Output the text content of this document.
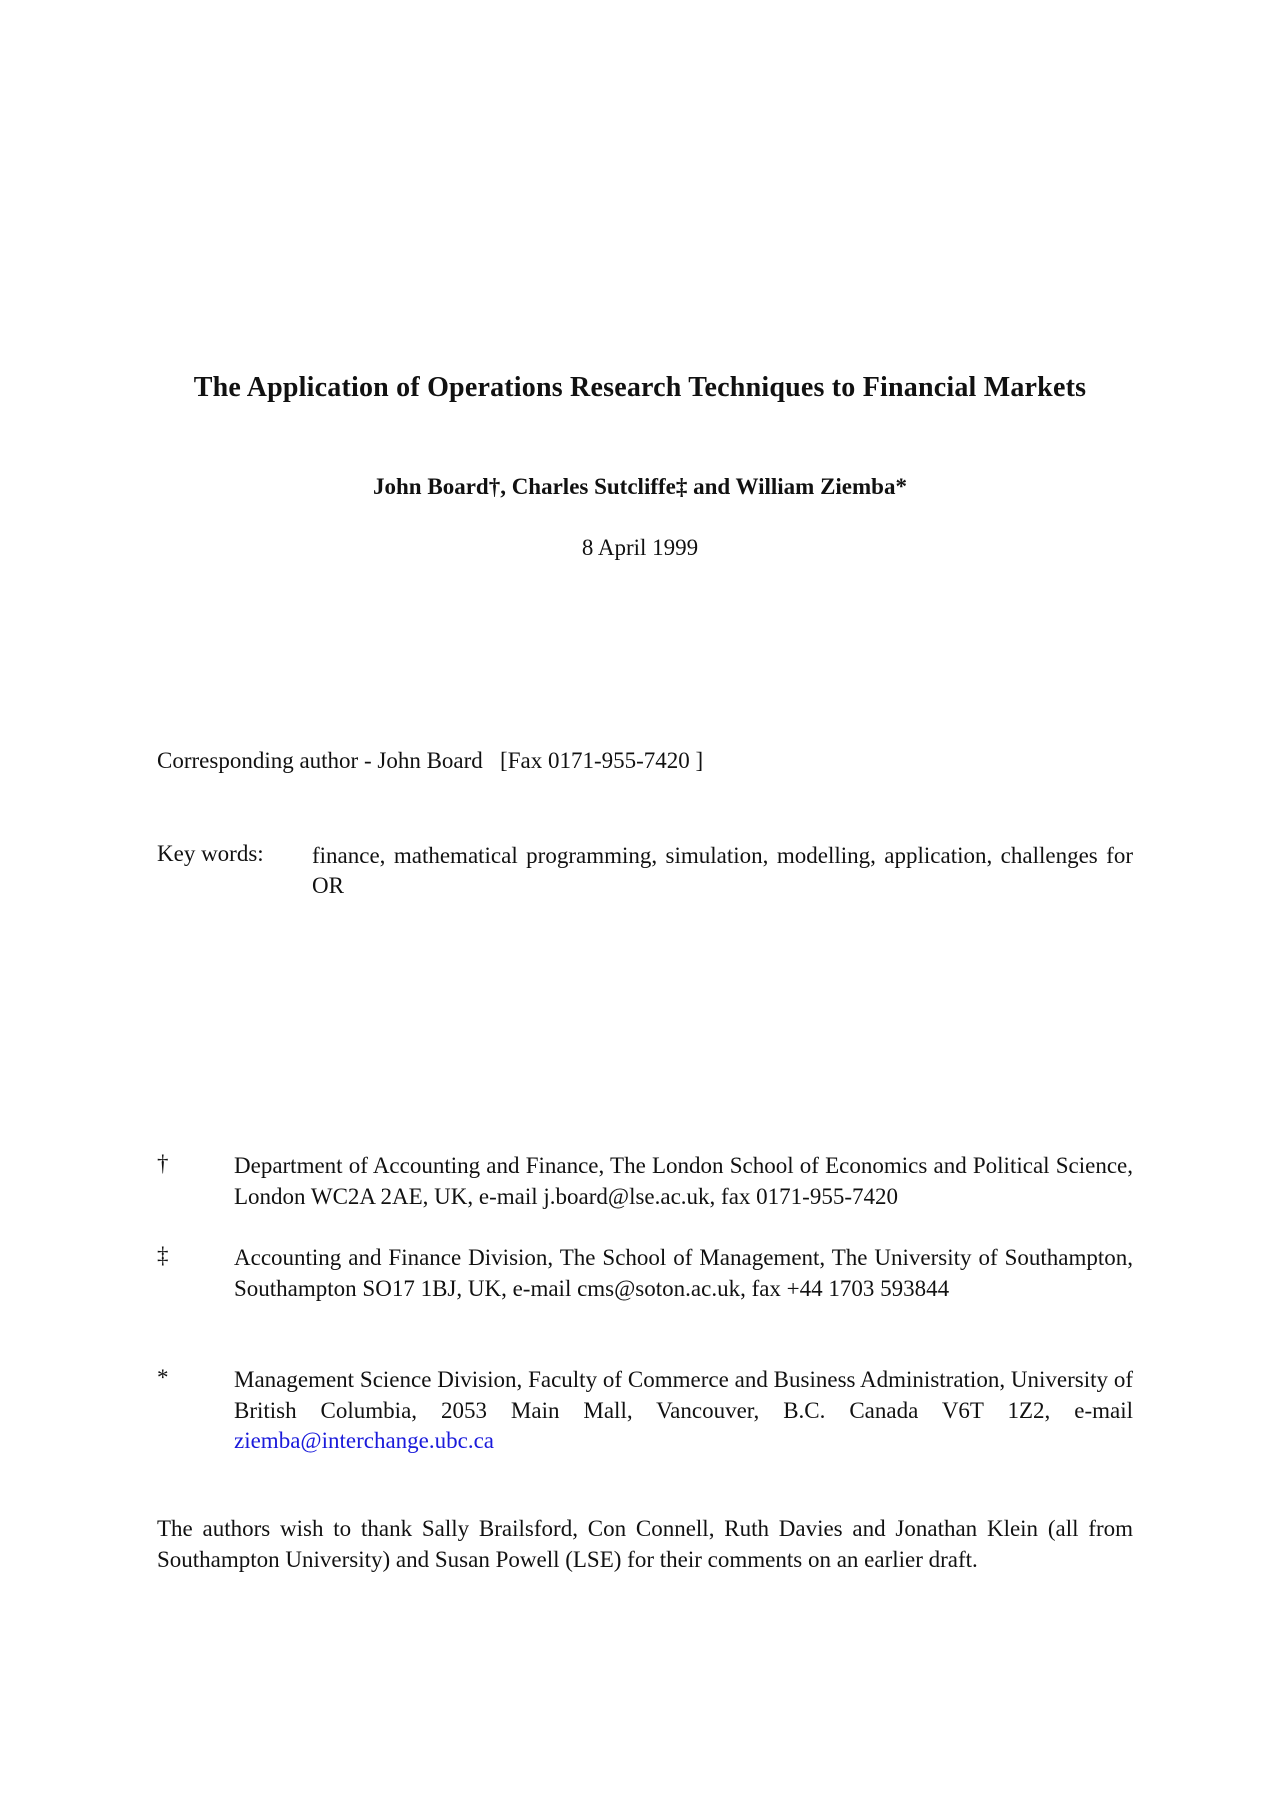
The Application of Operations Research Techniques to Financial Markets
John Board†, Charles Sutcliffe‡ and William Ziemba*
8 April 1999
Corresponding author - John Board   [Fax 0171-955-7420 ]
Key words: finance, mathematical programming, simulation, modelling, application, challenges for OR
†	Department of Accounting and Finance, The London School of Economics and Political Science, London WC2A 2AE, UK, e-mail j.board@lse.ac.uk, fax 0171-955-7420
‡	Accounting and Finance Division, The School of Management, The University of Southampton, Southampton SO17 1BJ, UK, e-mail cms@soton.ac.uk, fax +44 1703 593844
*	Management Science Division, Faculty of Commerce and Business Administration, University of British Columbia, 2053 Main Mall, Vancouver, B.C. Canada V6T 1Z2, e-mail ziemba@interchange.ubc.ca
The authors wish to thank Sally Brailsford, Con Connell, Ruth Davies and Jonathan Klein (all from Southampton University) and Susan Powell (LSE) for their comments on an earlier draft.
